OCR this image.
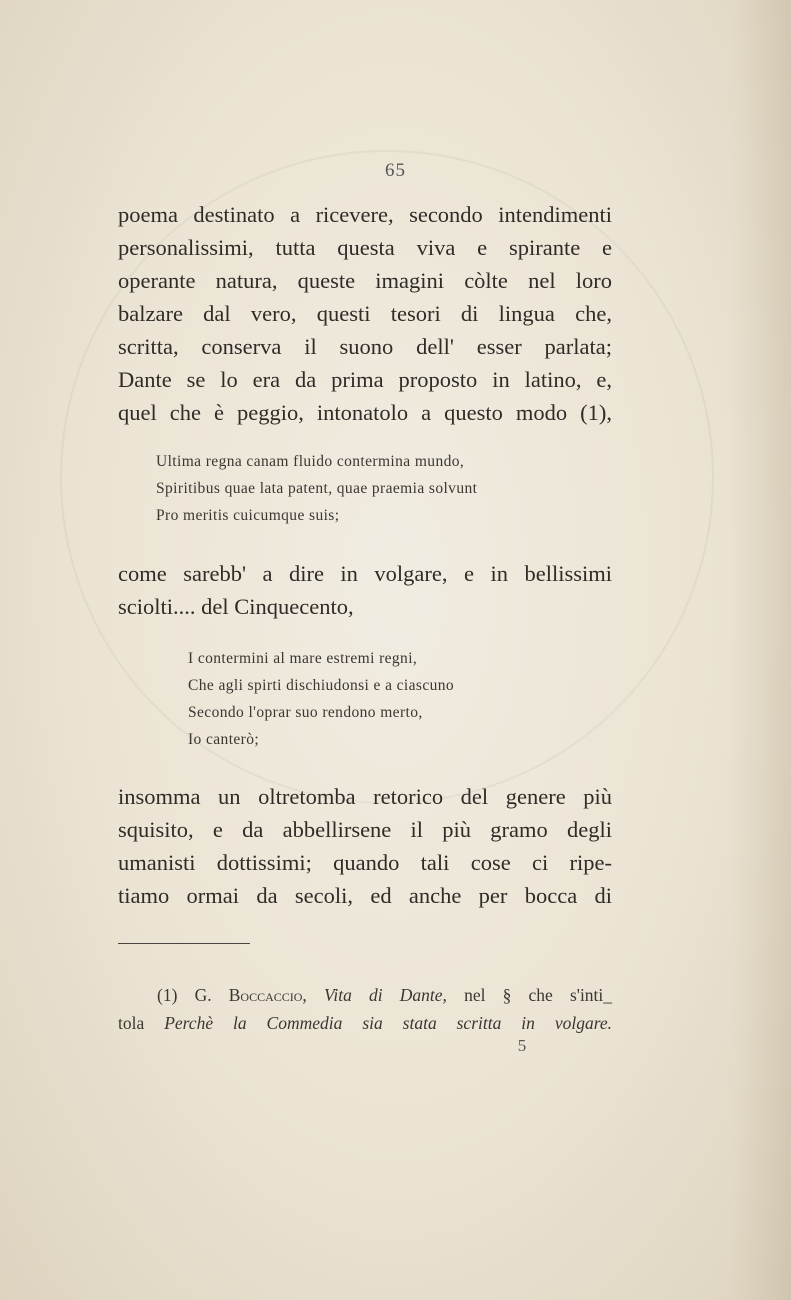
65

poema destinato a ricevere, secondo intendimenti
personalissimi, tutta questa viva e spirante e
operante natura, queste imagini còlte nel loro
balzare dal vero, questi tesori di lingua che,
scritta, conserva il suono dell' esser parlata;
Dante se lo era da prima proposto in latino, e,
quel che è peggio, intonatolo a questo modo (1),

Ultima regna canam fluido contermina mundo,
Spiritibus quae lata patent, quae praemia solvunt
Pro meritis cuicumque suis;

come sarebb' a dire in volgare, e in bellissimi
sciolti.... del Cinquecento,

I contermini al mare estremi regni,
Che agli spirti dischiudonsi e a ciascuno
Secondo l'oprar suo rendono merto,
Io canterò;

insomma un oltretomba retorico del genere più
squisito, e da abbellirsene il più gramo degli
umanisti dottissimi; quando tali cose ci ripe-
tiamo ormai da secoli, ed anche per bocca di

(1) G. Boccaccio, Vita di Dante, nel § che s'inti_

tola Perchè la Commedia sia stata scritta in volgare.

5
